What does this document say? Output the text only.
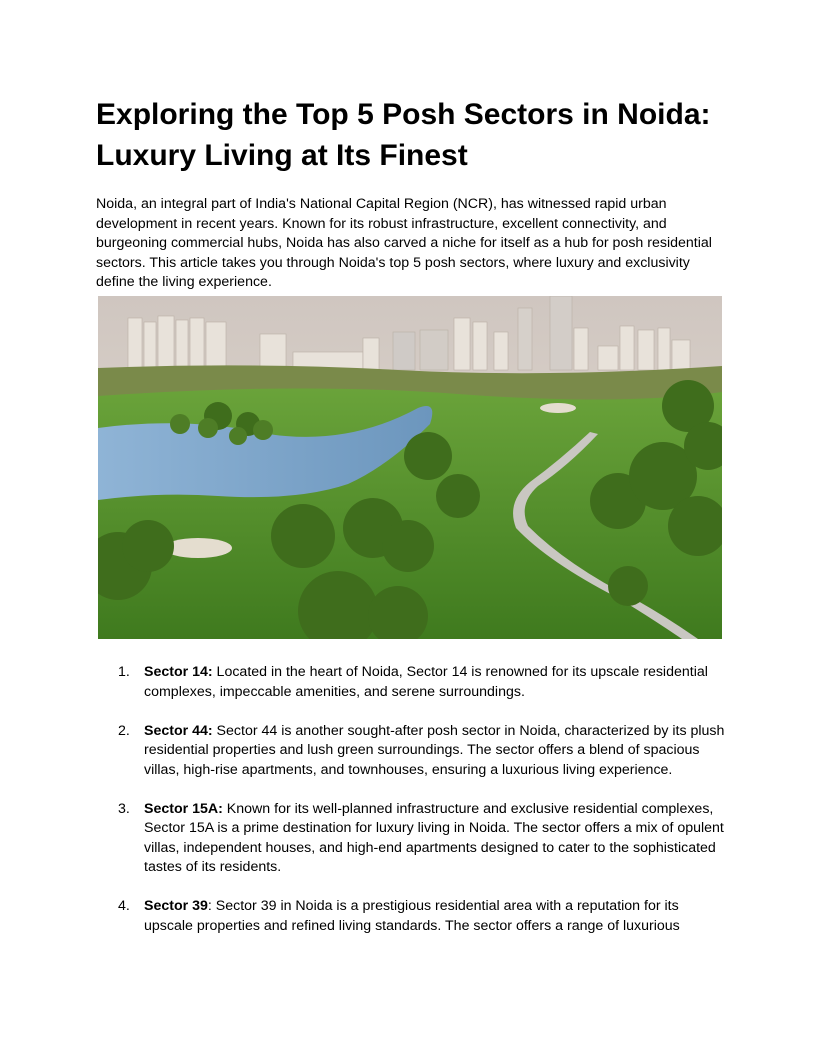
Exploring the Top 5 Posh Sectors in Noida: Luxury Living at Its Finest

Noida, an integral part of India's National Capital Region (NCR), has witnessed rapid urban development in recent years. Known for its robust infrastructure, excellent connectivity, and burgeoning commercial hubs, Noida has also carved a niche for itself as a hub for posh residential sectors. This article takes you through Noida's top 5 posh sectors, where luxury and exclusivity define the living experience.

1. Sector 14: Located in the heart of Noida, Sector 14 is renowned for its upscale residential complexes, impeccable amenities, and serene surroundings.
2. Sector 44: Sector 44 is another sought-after posh sector in Noida, characterized by its plush residential properties and lush green surroundings. The sector offers a blend of spacious villas, high-rise apartments, and townhouses, ensuring a luxurious living experience.
3. Sector 15A: Known for its well-planned infrastructure and exclusive residential complexes, Sector 15A is a prime destination for luxury living in Noida. The sector offers a mix of opulent villas, independent houses, and high-end apartments designed to cater to the sophisticated tastes of its residents.
4. Sector 39: Sector 39 in Noida is a prestigious residential area with a reputation for its upscale properties and refined living standards. The sector offers a range of luxurious
